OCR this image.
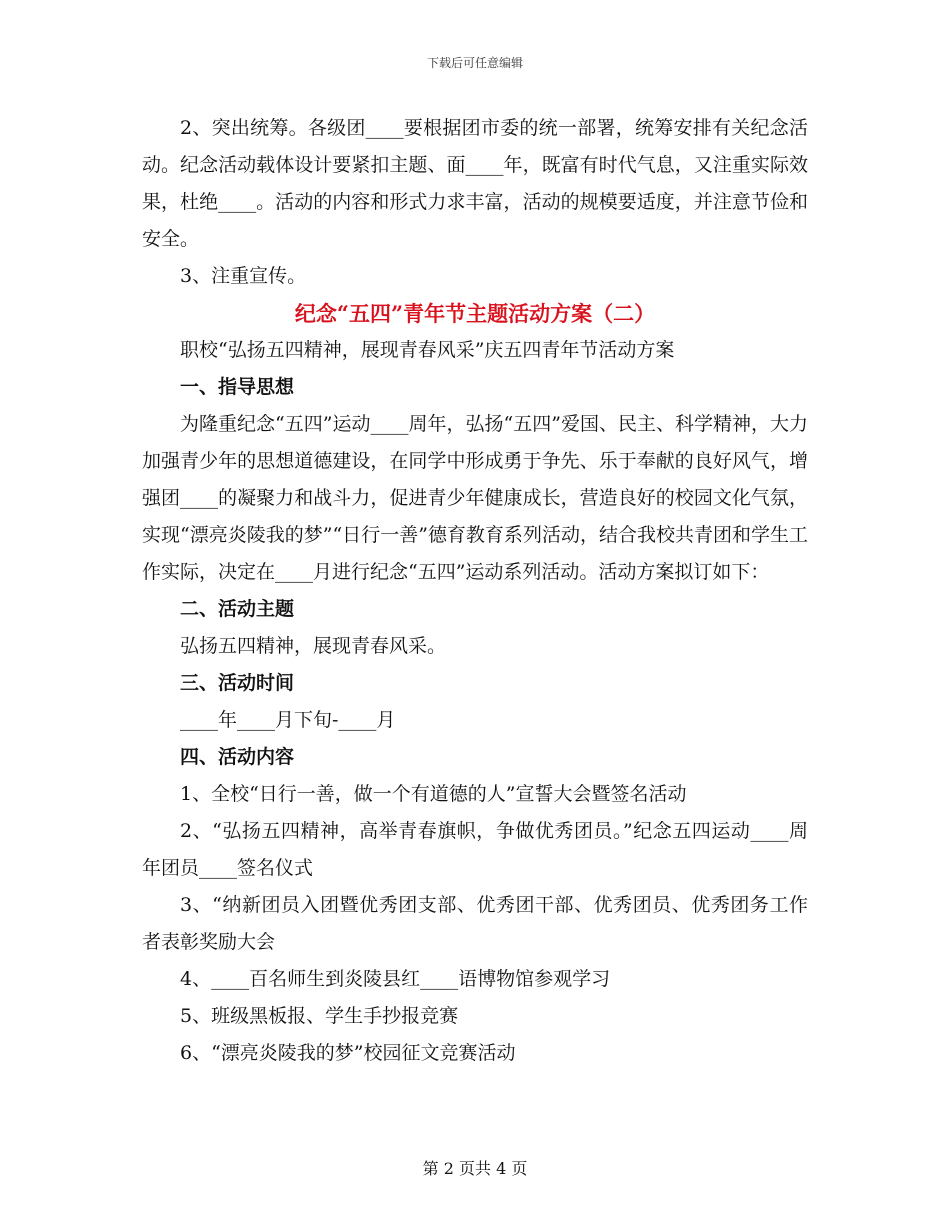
下载后可任意编辑

2、突出统筹。各级团____要根据团市委的统一部署，统筹安排有关纪念活动。纪念活动载体设计要紧扣主题、面____年，既富有时代气息，又注重实际效果，杜绝____。活动的内容和形式力求丰富，活动的规模要适度，并注意节俭和安全。

3、注重宣传。

纪念“五四”青年节主题活动方案（二）

职校“弘扬五四精神，展现青春风采”庆五四青年节活动方案

一、指导思想

为隆重纪念“五四”运动____周年，弘扬“五四”爱国、民主、科学精神，大力加强青少年的思想道德建设，在同学中形成勇于争先、乐于奉献的良好风气，增强团____的凝聚力和战斗力，促进青少年健康成长，营造良好的校园文化气氛，实现“漂亮炎陵我的梦”“日行一善”德育教育系列活动，结合我校共青团和学生工作实际，决定在____月进行纪念“五四”运动系列活动。活动方案拟订如下：

二、活动主题

弘扬五四精神，展现青春风采。

三、活动时间

____年____月下旬-____月

四、活动内容

1、全校“日行一善，做一个有道德的人”宣誓大会暨签名活动

2、“弘扬五四精神，高举青春旗帜，争做优秀团员。”纪念五四运动____周年团员____签名仪式

3、“纳新团员入团暨优秀团支部、优秀团干部、优秀团员、优秀团务工作者表彰奖励大会

4、____百名师生到炎陵县红____语博物馆参观学习

5、班级黑板报、学生手抄报竞赛

6、“漂亮炎陵我的梦”校园征文竞赛活动

第 2 页共 4 页
